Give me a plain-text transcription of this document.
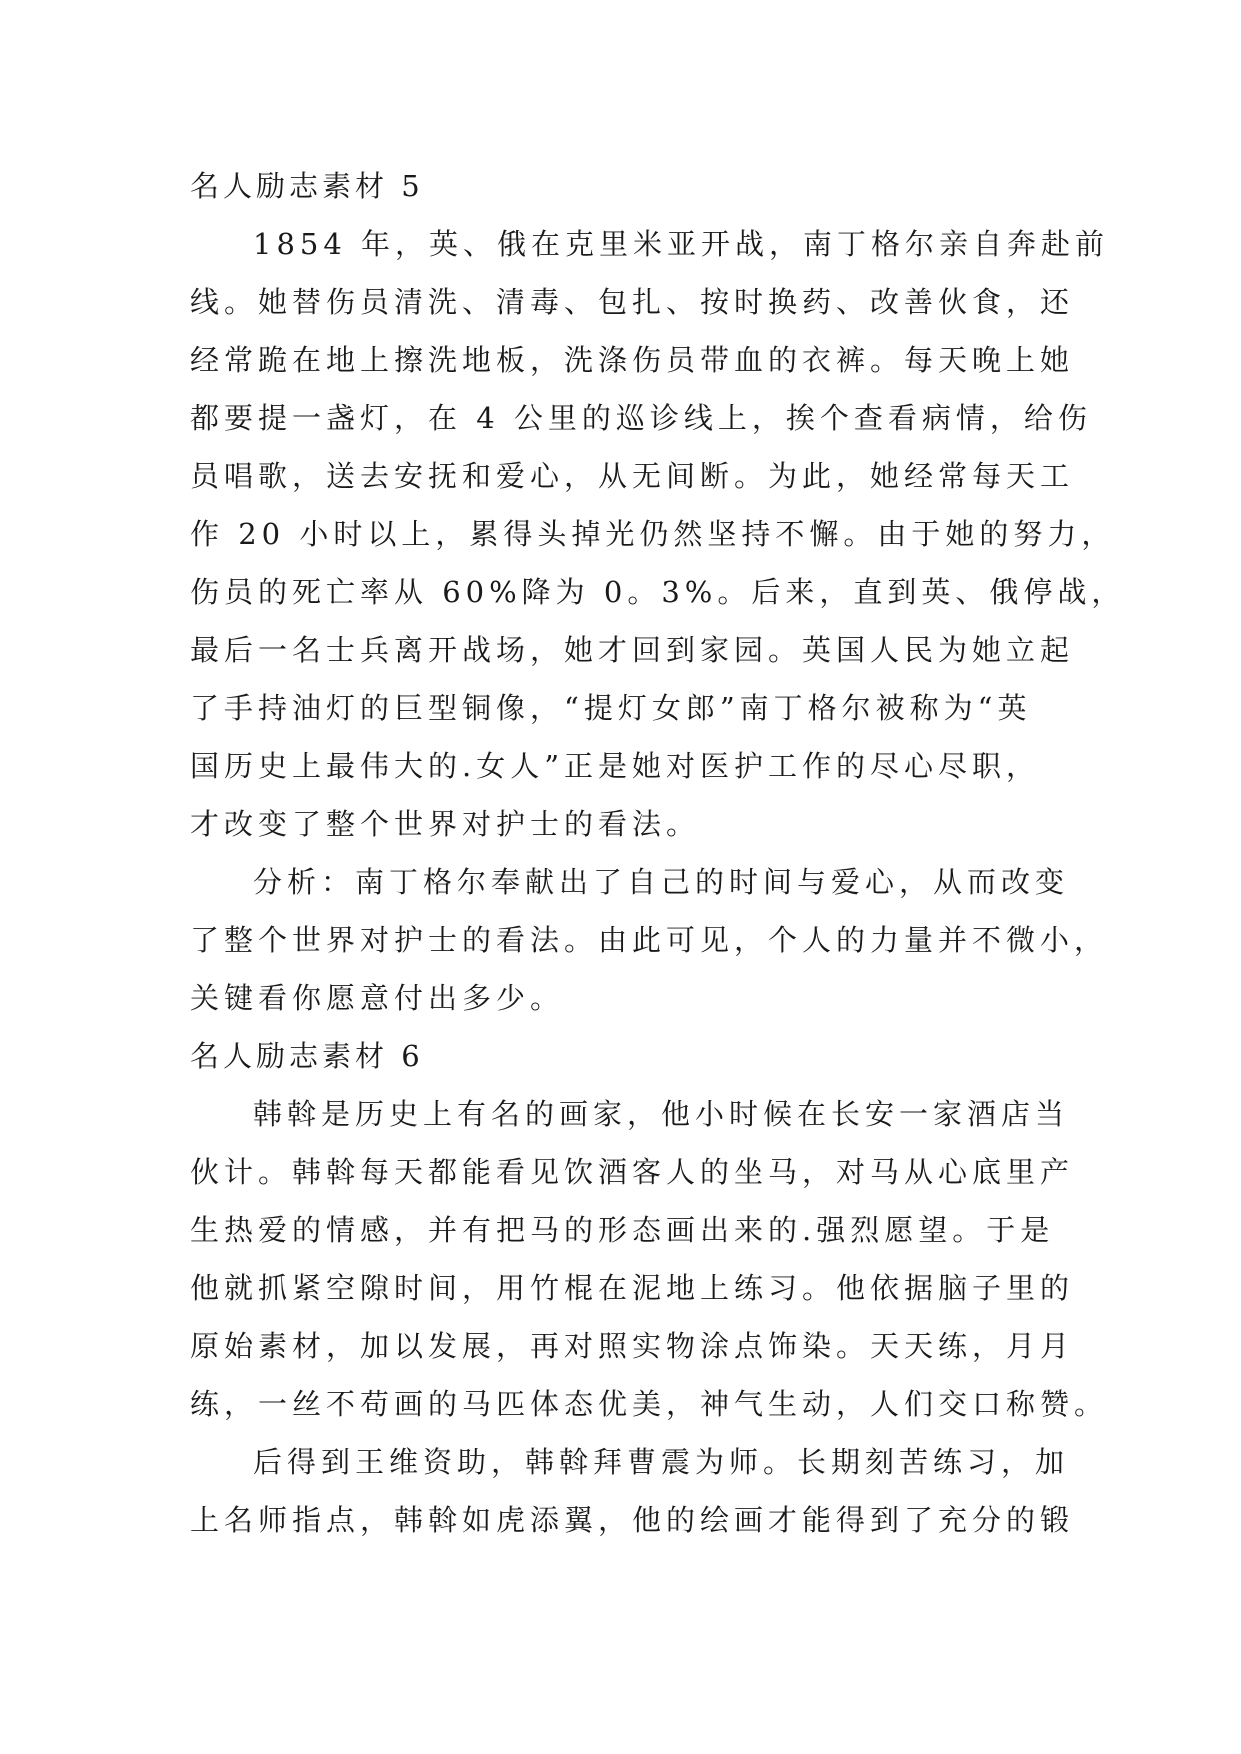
名人励志素材 5
1854 年，英、俄在克里米亚开战，南丁格尔亲自奔赴前
线。她替伤员清洗、清毒、包扎、按时换药、改善伙食，还
经常跪在地上擦洗地板，洗涤伤员带血的衣裤。每天晚上她
都要提一盏灯，在 4 公里的巡诊线上，挨个查看病情，给伤
员唱歌，送去安抚和爱心，从无间断。为此，她经常每天工
作 20 小时以上，累得头掉光仍然坚持不懈。由于她的努力，
伤员的死亡率从 60%降为 0。3%。后来，直到英、俄停战，
最后一名士兵离开战场，她才回到家园。英国人民为她立起
了手持油灯的巨型铜像，“提灯女郎”南丁格尔被称为“英
国历史上最伟大的.女人”正是她对医护工作的尽心尽职，
才改变了整个世界对护士的看法。
分析：南丁格尔奉献出了自己的时间与爱心，从而改变
了整个世界对护士的看法。由此可见，个人的力量并不微小，
关键看你愿意付出多少。
名人励志素材 6
韩斡是历史上有名的画家，他小时候在长安一家酒店当
伙计。韩斡每天都能看见饮酒客人的坐马，对马从心底里产
生热爱的情感，并有把马的形态画出来的.强烈愿望。于是
他就抓紧空隙时间，用竹棍在泥地上练习。他依据脑子里的
原始素材，加以发展，再对照实物涂点饰染。天天练，月月
练，一丝不苟画的马匹体态优美，神气生动，人们交口称赞。
后得到王维资助，韩斡拜曹震为师。长期刻苦练习，加
上名师指点，韩斡如虎添翼，他的绘画才能得到了充分的锻
